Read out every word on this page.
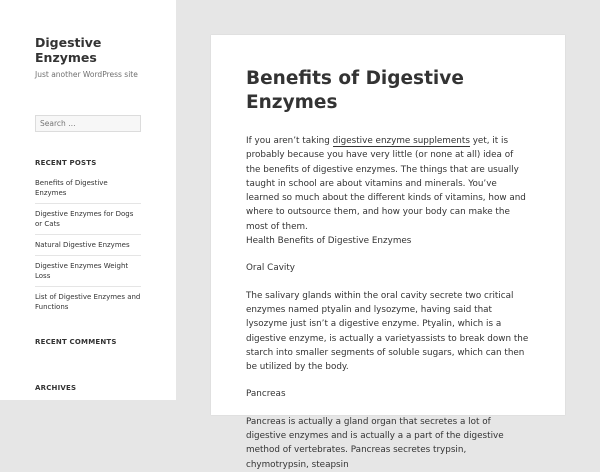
Digestive
Enzymes
Just another WordPress site
Search …
RECENT POSTS
Benefits of Digestive Enzymes
Digestive Enzymes for Dogs or Cats
Natural Digestive Enzymes
Digestive Enzymes Weight Loss
List of Digestive Enzymes and Functions
RECENT COMMENTS
ARCHIVES
Benefits of Digestive Enzymes

If you aren’t taking digestive enzyme supplements yet, it is probably because you have very little (or none at all) idea of the benefits of digestive enzymes. The things that are usually taught in school are about vitamins and minerals. You’ve learned so much about the different kinds of vitamins, how and where to outsource them, and how your body can make the most of them.
Health Benefits of Digestive Enzymes

Oral Cavity

The salivary glands within the oral cavity secrete two critical enzymes named ptyalin and lysozyme, having said that lysozyme just isn’t a digestive enzyme. Ptyalin, which is a digestive enzyme, is actually a varietyassists to break down the starch into smaller segments of soluble sugars, which can then be utilized by the body.

Pancreas

Pancreas is actually a gland organ that secretes a lot of digestive enzymes and is actually a a part of the digestive method of vertebrates. Pancreas secretes trypsin, chymotrypsin, steapsin
